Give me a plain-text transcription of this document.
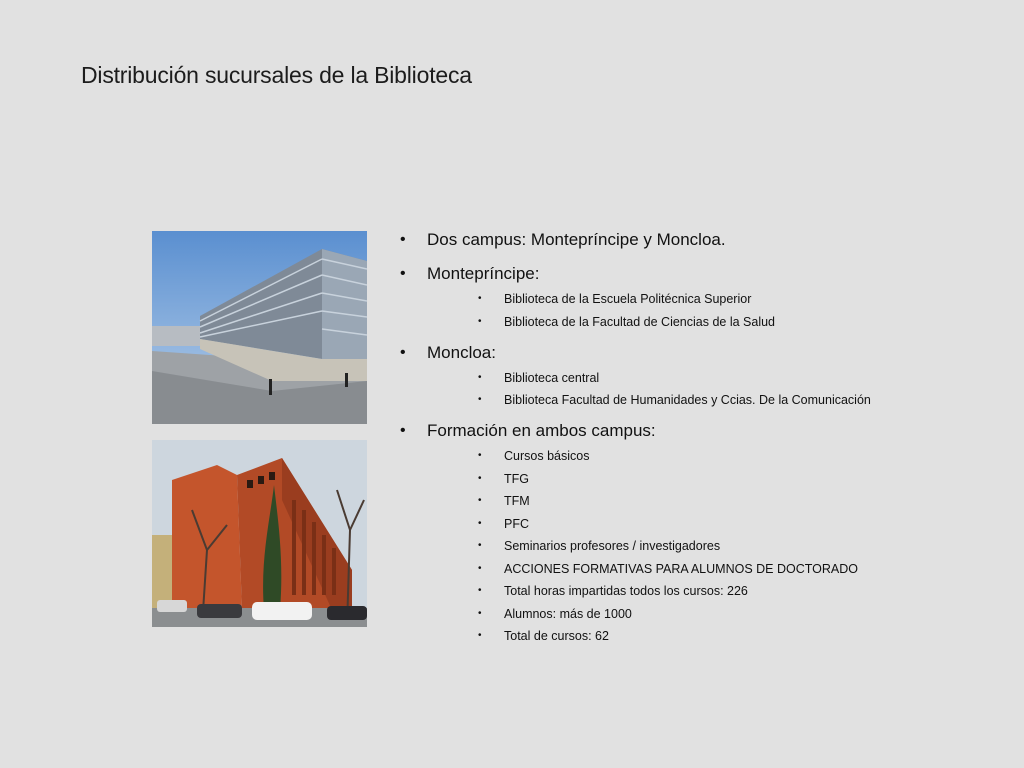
Distribución sucursales de la Biblioteca
• Dos campus: Montepríncipe y Moncloa.
• Montepríncipe:
• Biblioteca de la Escuela Politécnica Superior
• Biblioteca de la Facultad de Ciencias de la Salud
• Moncloa:
• Biblioteca central
• Biblioteca Facultad de Humanidades y Ccias. De la Comunicación
• Formación en ambos campus:
• Cursos básicos
• TFG
• TFM
• PFC
• Seminarios profesores / investigadores
• ACCIONES FORMATIVAS PARA ALUMNOS DE DOCTORADO
• Total horas impartidas todos los cursos: 226
• Alumnos: más de 1000
• Total de cursos: 62
